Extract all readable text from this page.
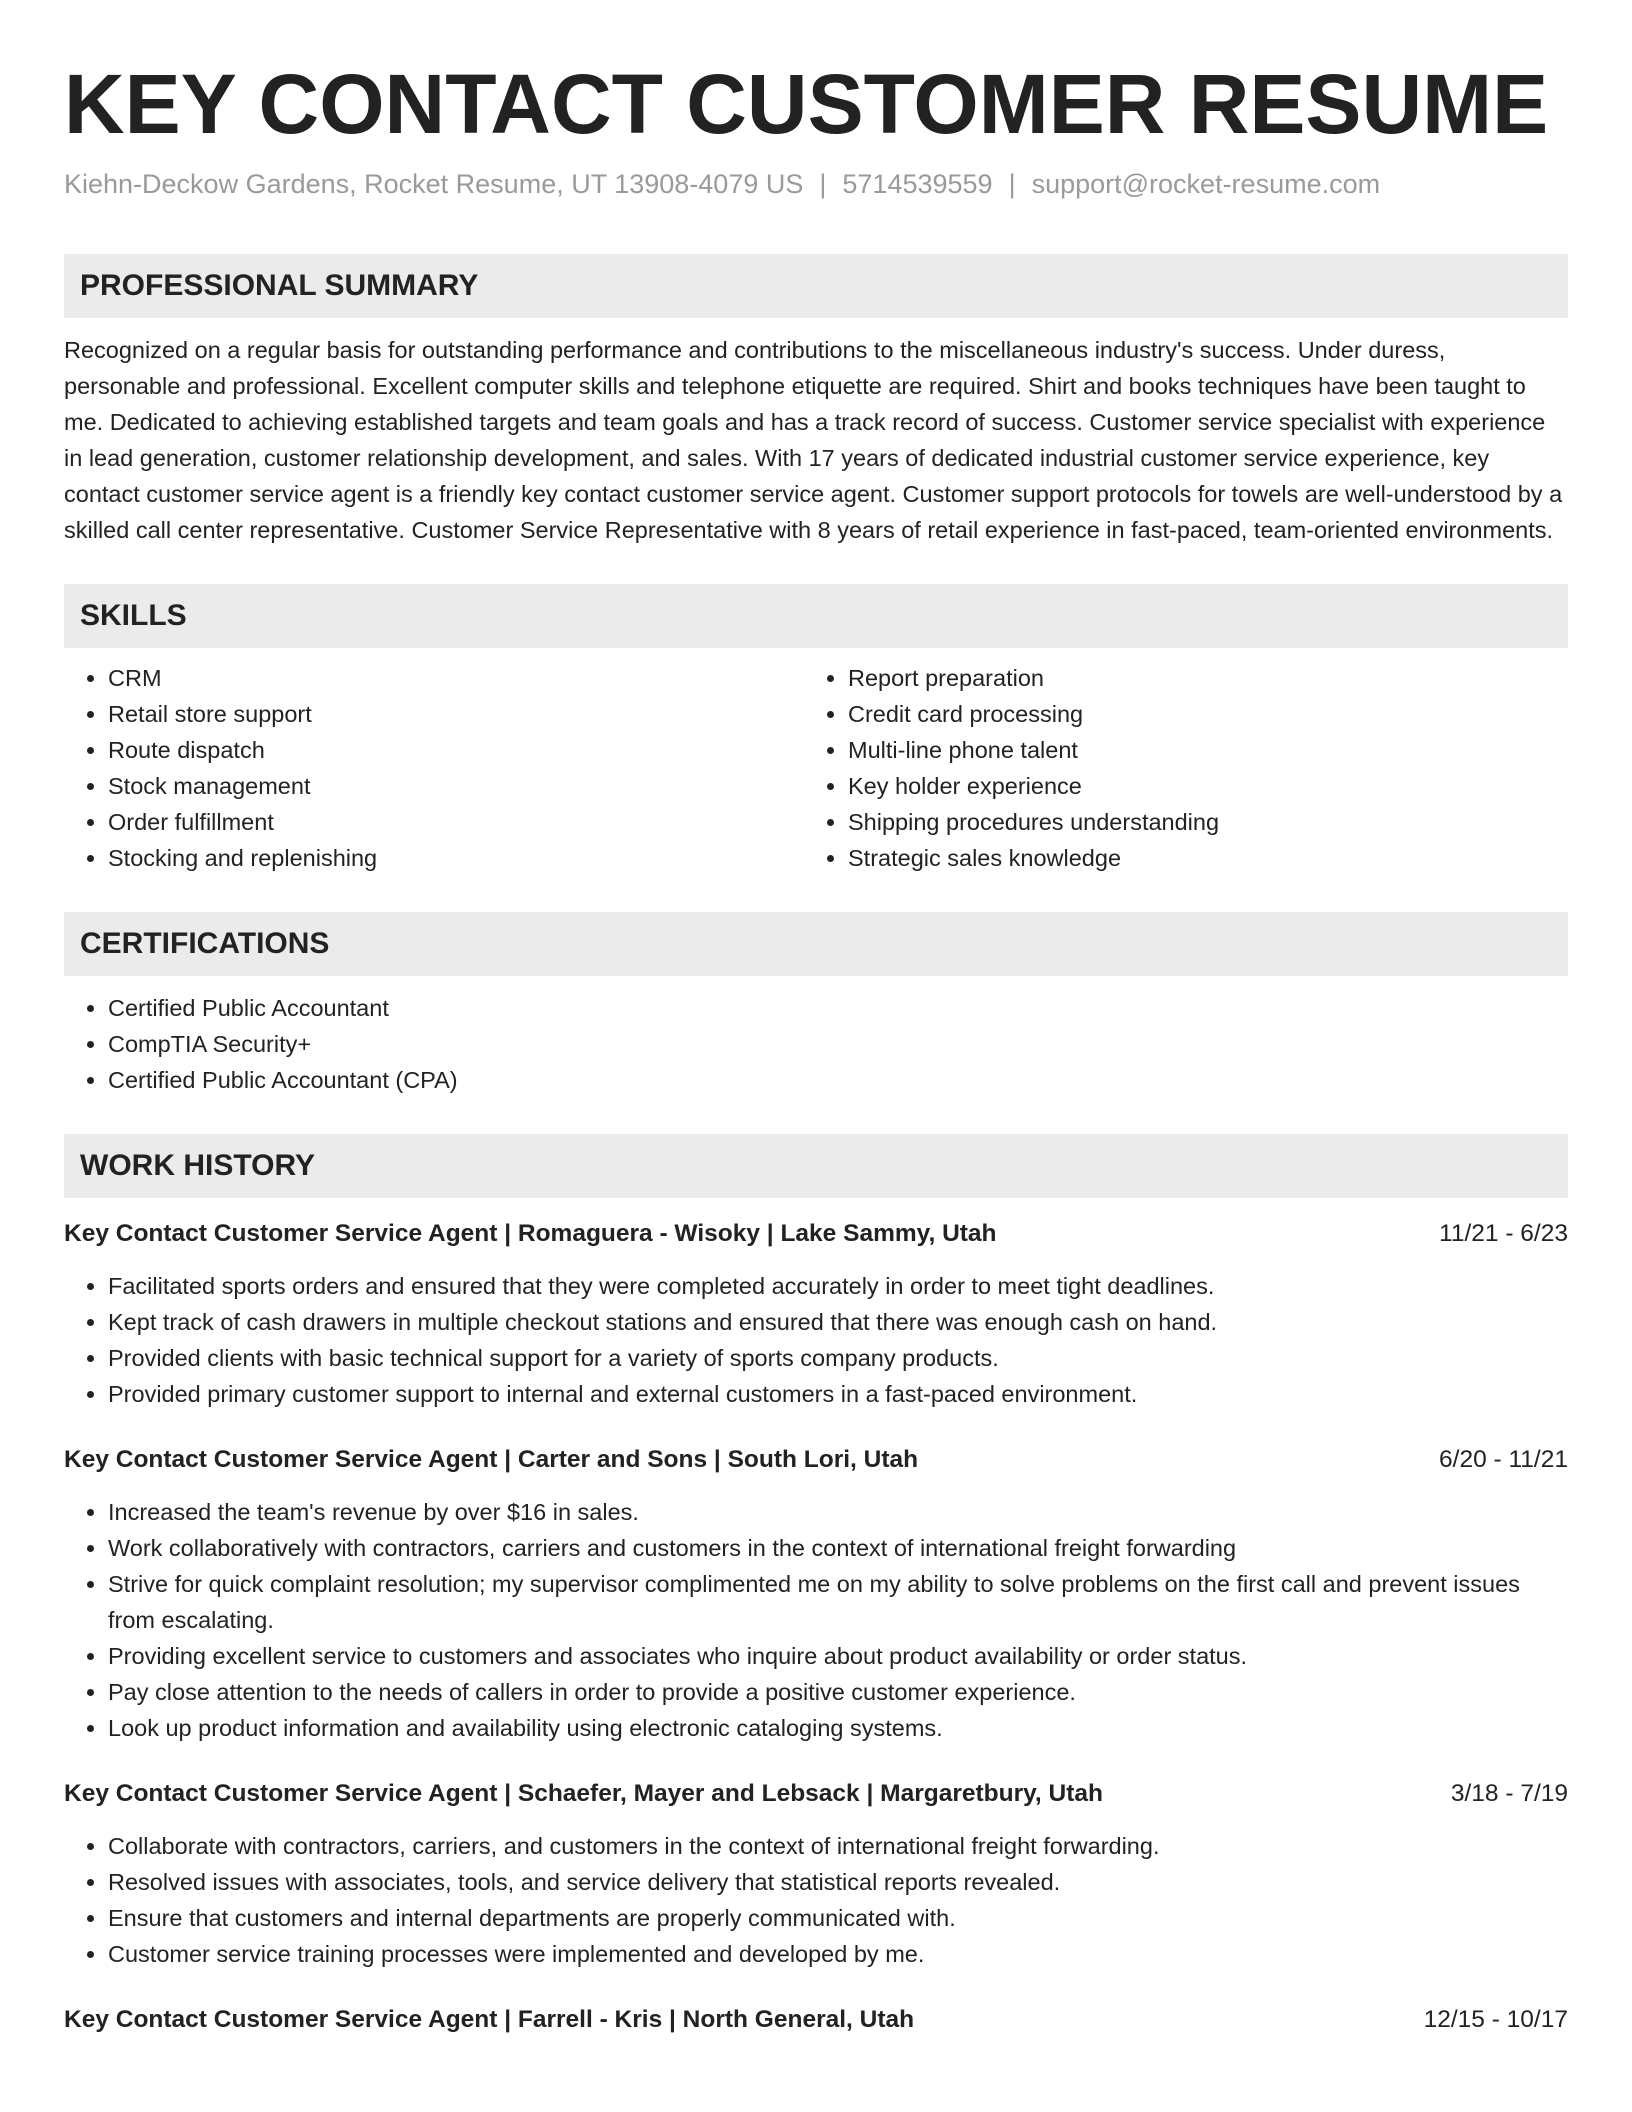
KEY CONTACT CUSTOMER RESUME
Kiehn-Deckow Gardens, Rocket Resume, UT 13908-4079 US | 5714539559 | support@rocket-resume.com
PROFESSIONAL SUMMARY
Recognized on a regular basis for outstanding performance and contributions to the miscellaneous industry's success. Under duress, personable and professional. Excellent computer skills and telephone etiquette are required. Shirt and books techniques have been taught to me. Dedicated to achieving established targets and team goals and has a track record of success. Customer service specialist with experience in lead generation, customer relationship development, and sales. With 17 years of dedicated industrial customer service experience, key contact customer service agent is a friendly key contact customer service agent. Customer support protocols for towels are well-understood by a skilled call center representative. Customer Service Representative with 8 years of retail experience in fast-paced, team-oriented environments.
SKILLS
• CRM
• Retail store support
• Route dispatch
• Stock management
• Order fulfillment
• Stocking and replenishing
• Report preparation
• Credit card processing
• Multi-line phone talent
• Key holder experience
• Shipping procedures understanding
• Strategic sales knowledge
CERTIFICATIONS
• Certified Public Accountant
• CompTIA Security+
• Certified Public Accountant (CPA)
WORK HISTORY
Key Contact Customer Service Agent | Romaguera - Wisoky | Lake Sammy, Utah	11/21 - 6/23
• Facilitated sports orders and ensured that they were completed accurately in order to meet tight deadlines.
• Kept track of cash drawers in multiple checkout stations and ensured that there was enough cash on hand.
• Provided clients with basic technical support for a variety of sports company products.
• Provided primary customer support to internal and external customers in a fast-paced environment.
Key Contact Customer Service Agent | Carter and Sons | South Lori, Utah	6/20 - 11/21
• Increased the team's revenue by over $16 in sales.
• Work collaboratively with contractors, carriers and customers in the context of international freight forwarding
• Strive for quick complaint resolution; my supervisor complimented me on my ability to solve problems on the first call and prevent issues from escalating.
• Providing excellent service to customers and associates who inquire about product availability or order status.
• Pay close attention to the needs of callers in order to provide a positive customer experience.
• Look up product information and availability using electronic cataloging systems.
Key Contact Customer Service Agent | Schaefer, Mayer and Lebsack | Margaretbury, Utah	3/18 - 7/19
• Collaborate with contractors, carriers, and customers in the context of international freight forwarding.
• Resolved issues with associates, tools, and service delivery that statistical reports revealed.
• Ensure that customers and internal departments are properly communicated with.
• Customer service training processes were implemented and developed by me.
Key Contact Customer Service Agent | Farrell - Kris | North General, Utah	12/15 - 10/17
